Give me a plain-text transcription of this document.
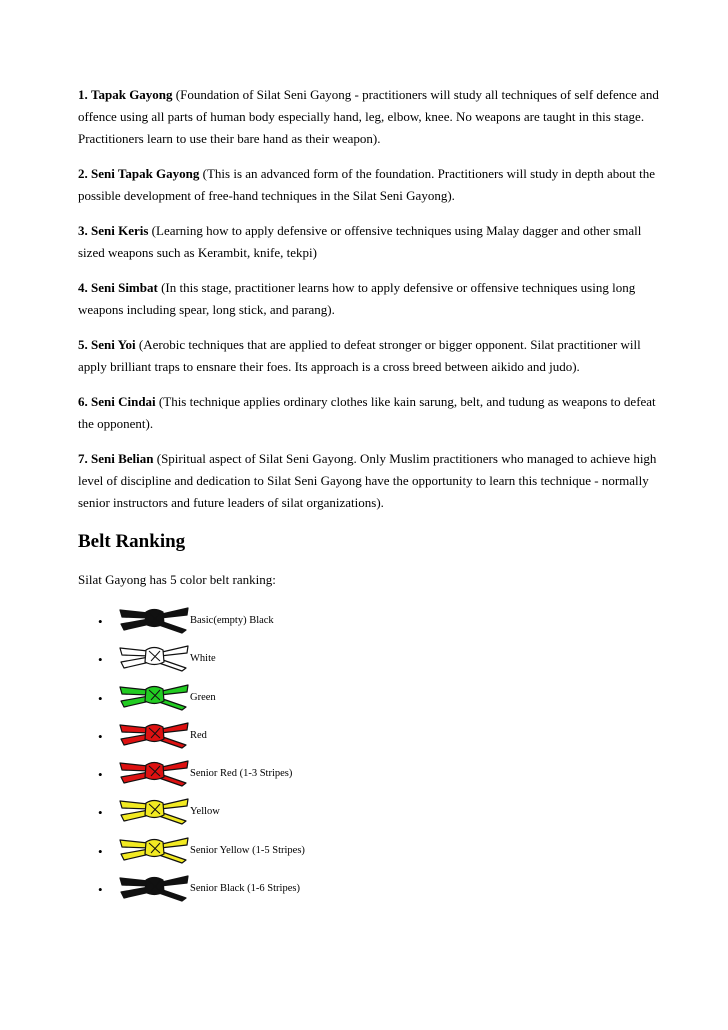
1. Tapak Gayong (Foundation of Silat Seni Gayong - practitioners will study all techniques of self defence and offence using all parts of human body especially hand, leg, elbow, knee. No weapons are taught in this stage. Practitioners learn to use their bare hand as their weapon).

2. Seni Tapak Gayong (This is an advanced form of the foundation. Practitioners will study in depth about the possible development of free-hand techniques in the Silat Seni Gayong).

3. Seni Keris (Learning how to apply defensive or offensive techniques using Malay dagger and other small sized weapons such as Kerambit, knife, tekpi)

4. Seni Simbat (In this stage, practitioner learns how to apply defensive or offensive techniques using long weapons including spear, long stick, and parang).

5. Seni Yoi (Aerobic techniques that are applied to defeat stronger or bigger opponent. Silat practitioner will apply brilliant traps to ensnare their foes. Its approach is a cross breed between aikido and judo).

6. Seni Cindai (This technique applies ordinary clothes like kain sarung, belt, and tudung as weapons to defeat the opponent).

7. Seni Belian (Spiritual aspect of Silat Seni Gayong. Only Muslim practitioners who managed to achieve high level of discipline and dedication to Silat Seni Gayong have the opportunity to learn this technique - normally senior instructors and future leaders of silat organizations).

Belt Ranking

Silat Gayong has 5 color belt ranking:

•	Basic(empty) Black
•	White
•	Green
•	Red
•	Senior Red (1-3 Stripes)
•	Yellow
•	Senior Yellow (1-5 Stripes)
•	Senior Black (1-6 Stripes)
